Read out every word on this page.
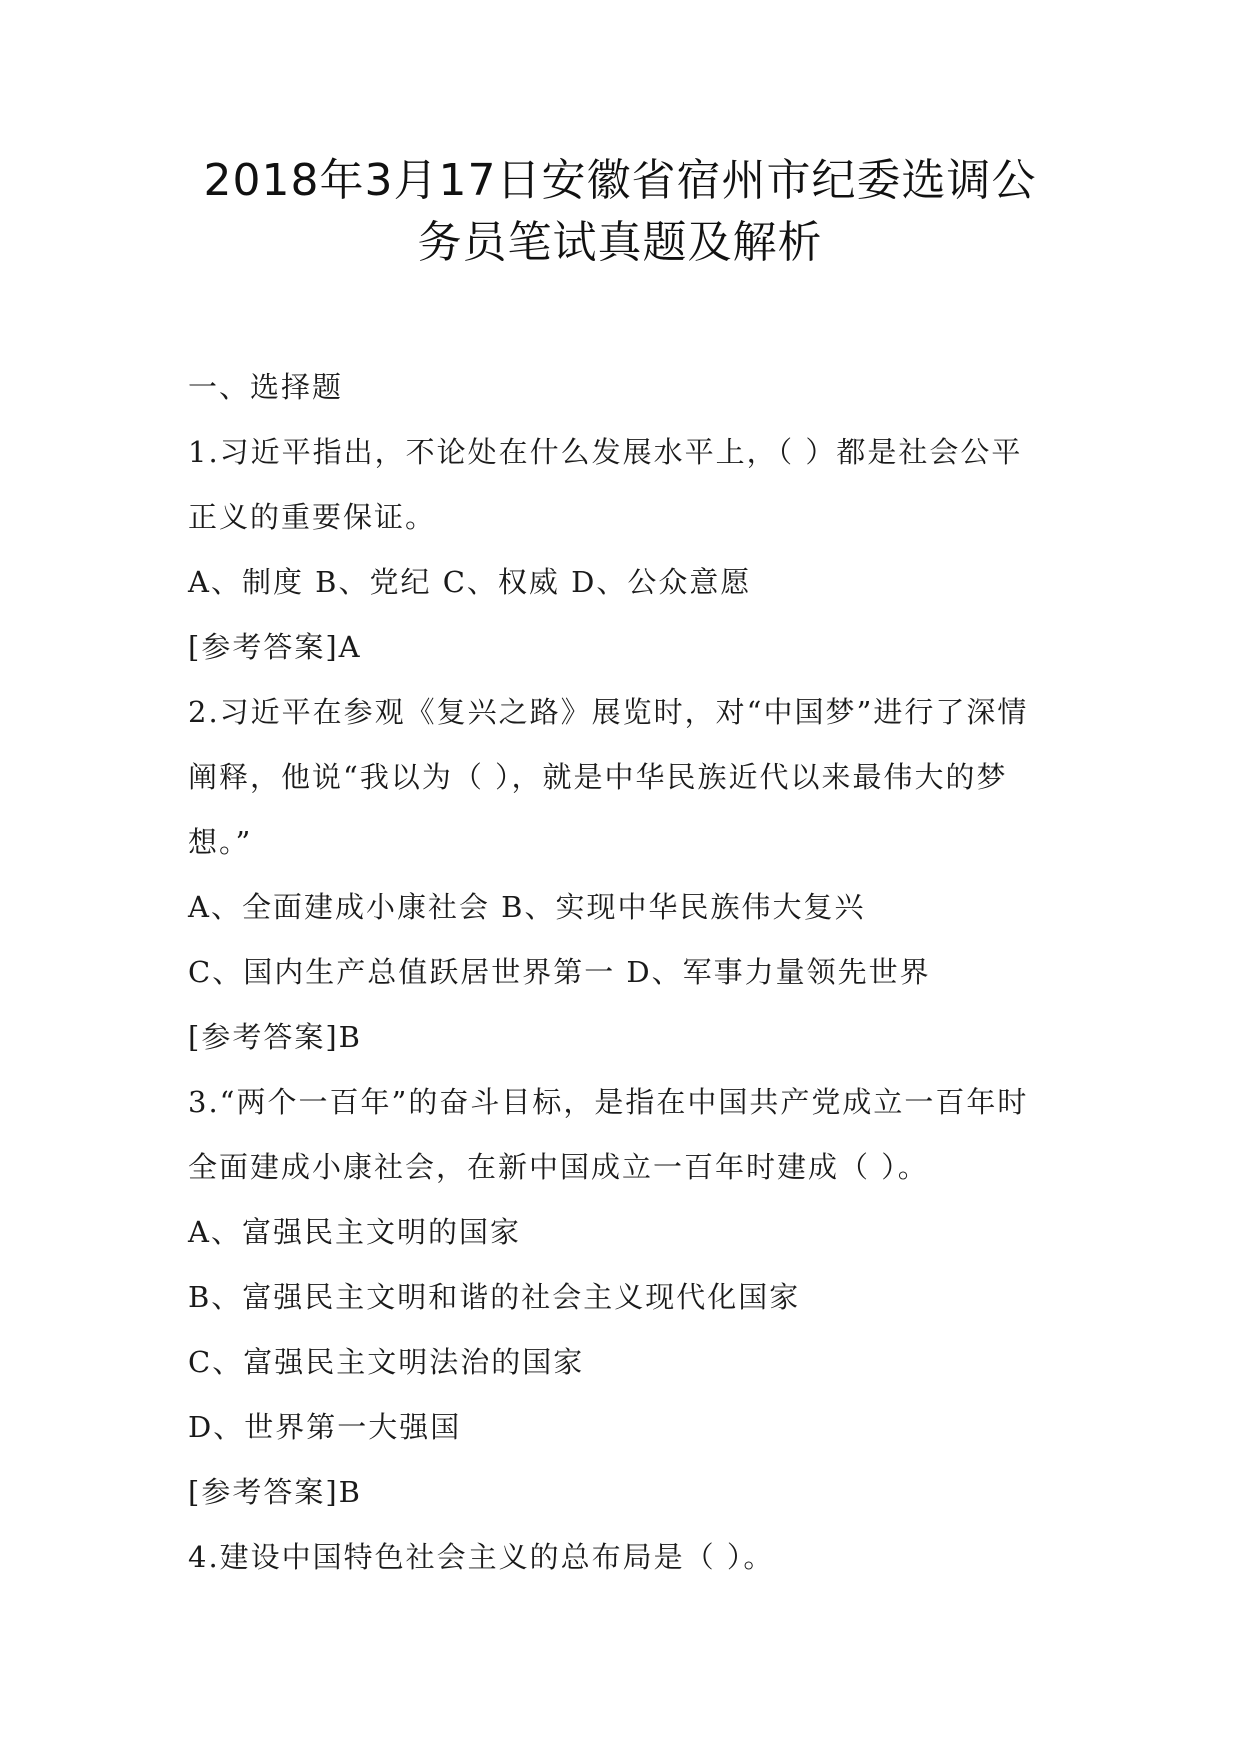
2018年3月17日安徽省宿州市纪委选调公
务员笔试真题及解析
一、选择题
1.习近平指出，不论处在什么发展水平上，（ ）都是社会公平
正义的重要保证。
A、制度 B、党纪 C、权威 D、公众意愿
[参考答案]A
2.习近平在参观《复兴之路》展览时，对“中国梦”进行了深情
阐释，他说“我以为（ ），就是中华民族近代以来最伟大的梦
想。”
A、全面建成小康社会 B、实现中华民族伟大复兴
C、国内生产总值跃居世界第一 D、军事力量领先世界
[参考答案]B
3.“两个一百年”的奋斗目标，是指在中国共产党成立一百年时
全面建成小康社会，在新中国成立一百年时建成（ ）。
A、富强民主文明的国家
B、富强民主文明和谐的社会主义现代化国家
C、富强民主文明法治的国家
D、世界第一大强国
[参考答案]B
4.建设中国特色社会主义的总布局是（ ）。
